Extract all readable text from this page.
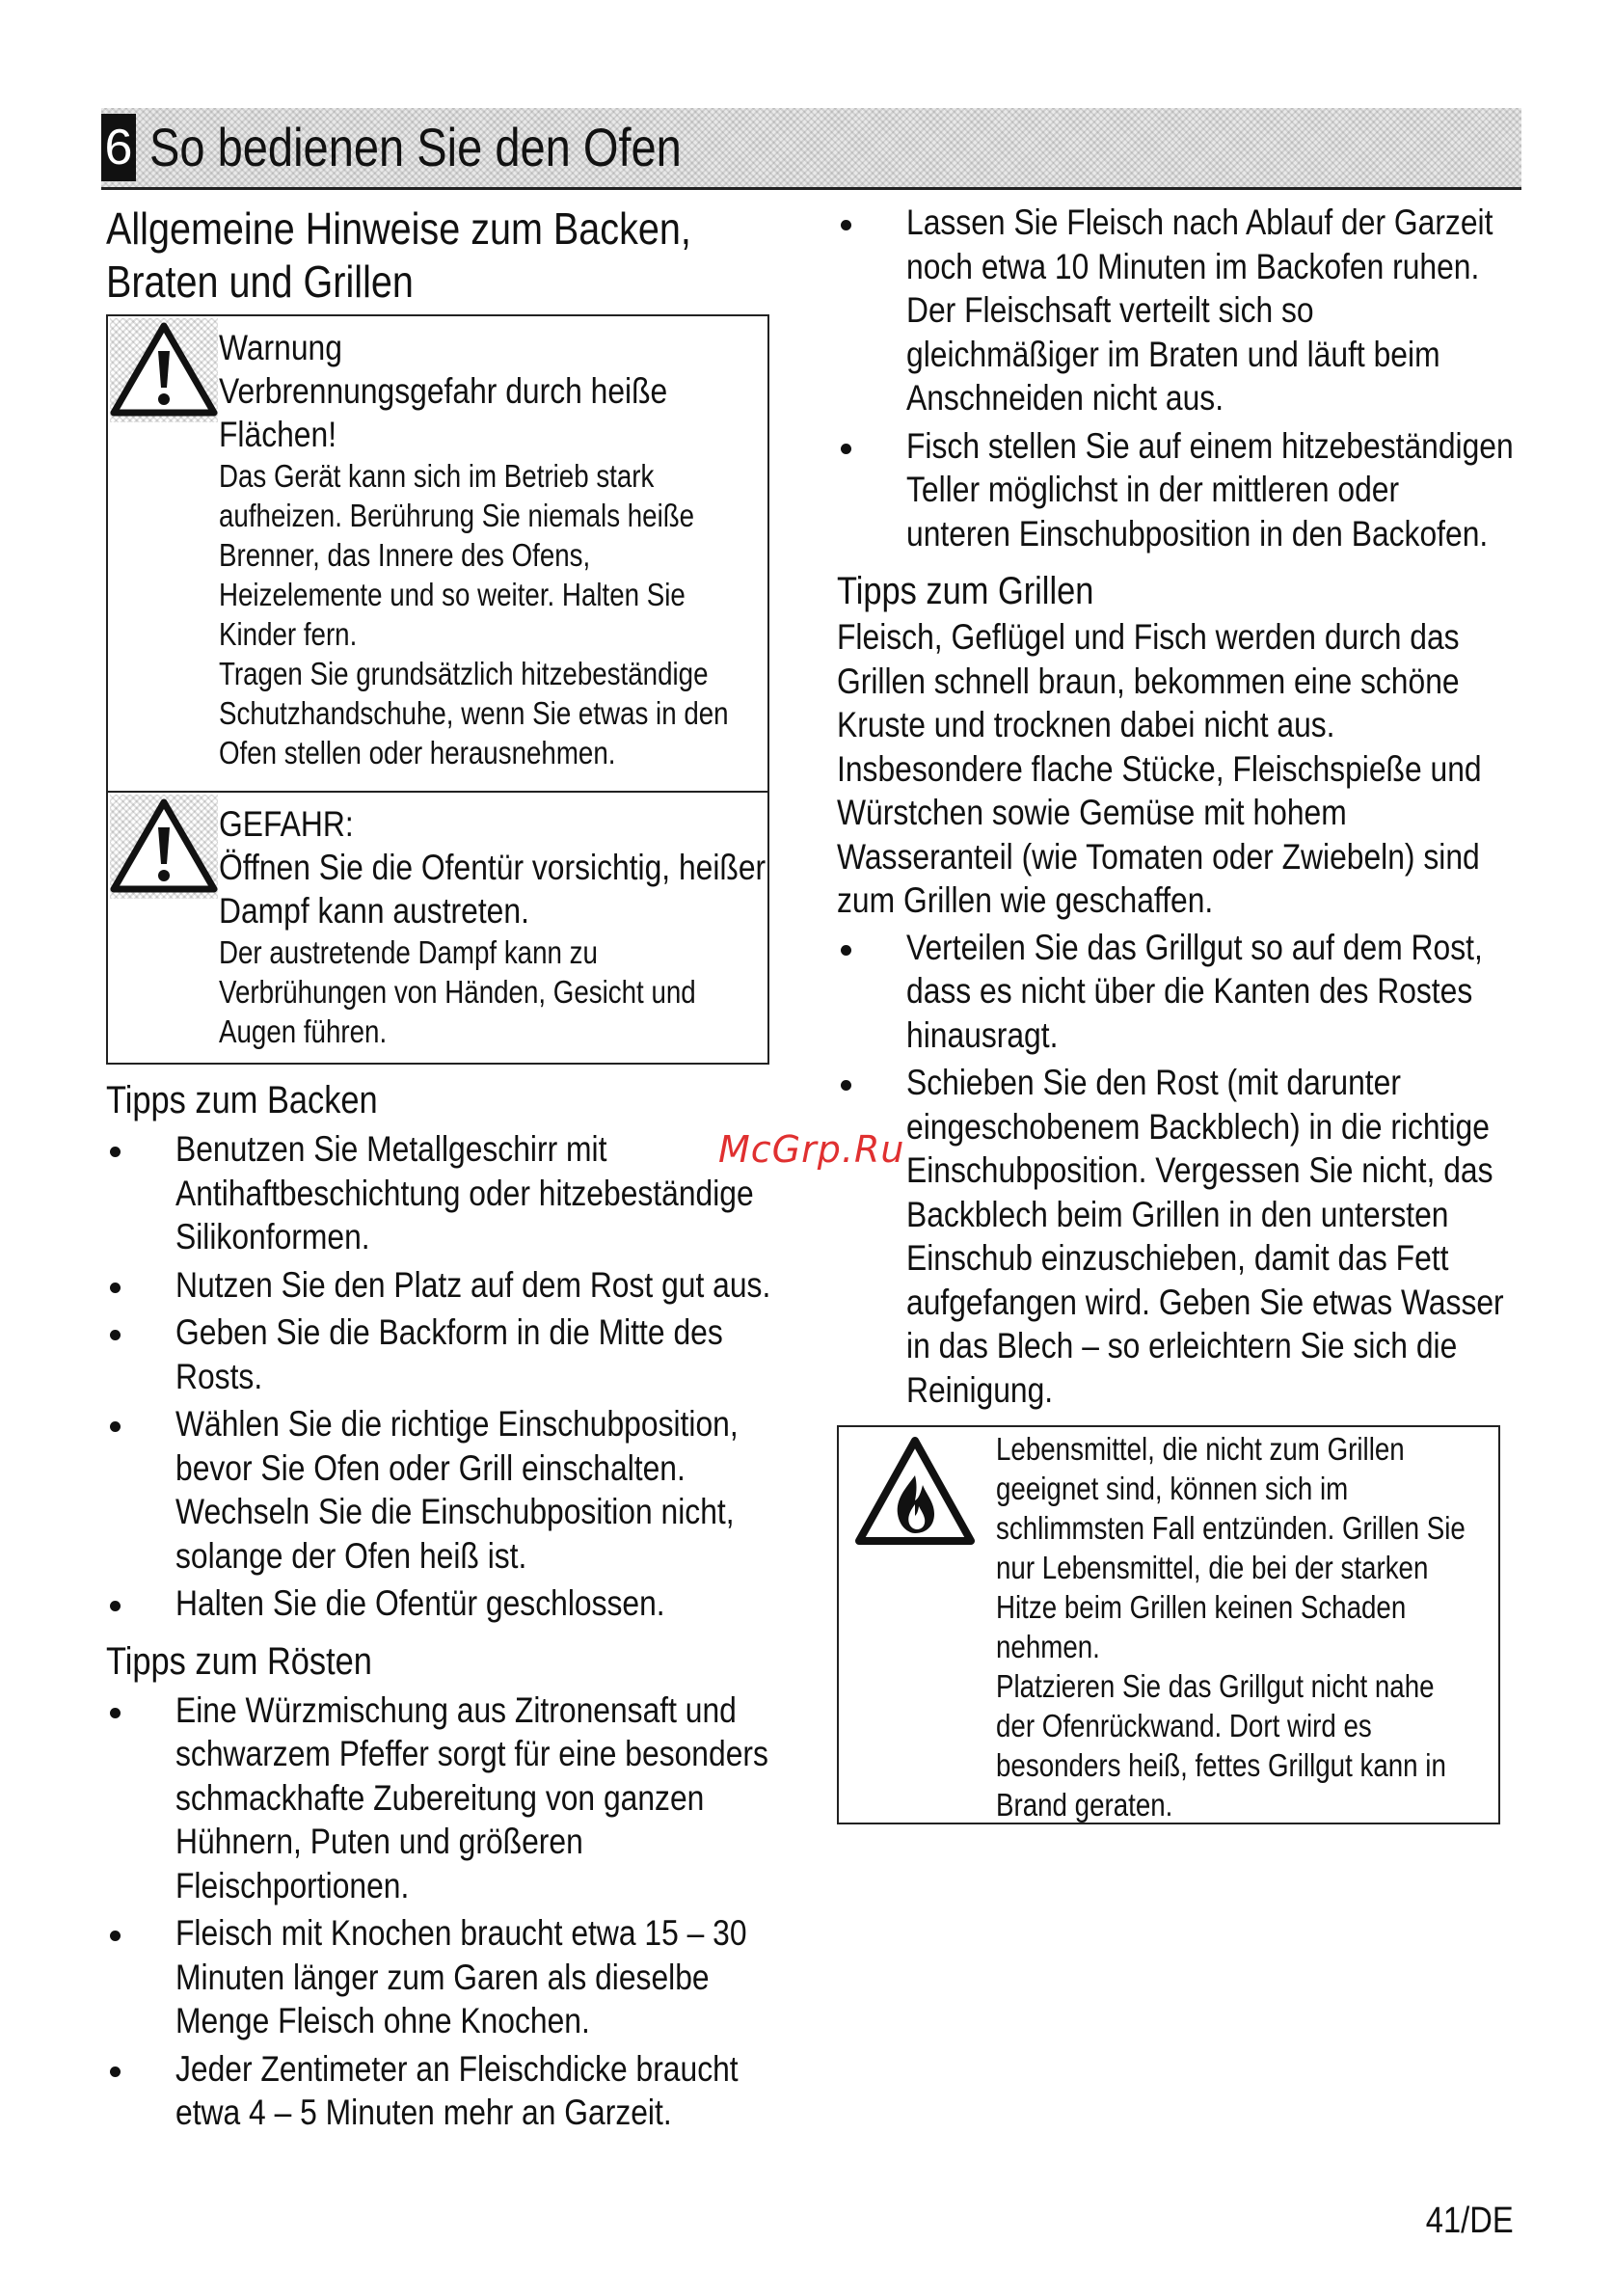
6 So bedienen Sie den Ofen
Allgemeine Hinweise zum Backen,
Braten und Grillen
Warnung
Verbrennungsgefahr durch heiße
Flächen!
Das Gerät kann sich im Betrieb stark
aufheizen. Berührung Sie niemals heiße
Brenner, das Innere des Ofens,
Heizelemente und so weiter. Halten Sie
Kinder fern.
Tragen Sie grundsätzlich hitzebeständige
Schutzhandschuhe, wenn Sie etwas in den
Ofen stellen oder herausnehmen.
GEFAHR:
Öffnen Sie die Ofentür vorsichtig, heißer
Dampf kann austreten.
Der austretende Dampf kann zu
Verbrühungen von Händen, Gesicht und
Augen führen.
Tipps zum Backen
Benutzen Sie Metallgeschirr mit
Antihaftbeschichtung oder hitzebeständige
Silikonformen.
Nutzen Sie den Platz auf dem Rost gut aus.
Geben Sie die Backform in die Mitte des
Rosts.
Wählen Sie die richtige Einschubposition,
bevor Sie Ofen oder Grill einschalten.
Wechseln Sie die Einschubposition nicht,
solange der Ofen heiß ist.
Halten Sie die Ofentür geschlossen.
Tipps zum Rösten
Eine Würzmischung aus Zitronensaft und
schwarzem Pfeffer sorgt für eine besonders
schmackhafte Zubereitung von ganzen
Hühnern, Puten und größeren
Fleischportionen.
Fleisch mit Knochen braucht etwa 15 – 30
Minuten länger zum Garen als dieselbe
Menge Fleisch ohne Knochen.
Jeder Zentimeter an Fleischdicke braucht
etwa 4 – 5 Minuten mehr an Garzeit.
Lassen Sie Fleisch nach Ablauf der Garzeit
noch etwa 10 Minuten im Backofen ruhen.
Der Fleischsaft verteilt sich so
gleichmäßiger im Braten und läuft beim
Anschneiden nicht aus.
Fisch stellen Sie auf einem hitzebeständigen
Teller möglichst in der mittleren oder
unteren Einschubposition in den Backofen.
Tipps zum Grillen
Fleisch, Geflügel und Fisch werden durch das
Grillen schnell braun, bekommen eine schöne
Kruste und trocknen dabei nicht aus.
Insbesondere flache Stücke, Fleischspieße und
Würstchen sowie Gemüse mit hohem
Wasseranteil (wie Tomaten oder Zwiebeln) sind
zum Grillen wie geschaffen.
Verteilen Sie das Grillgut so auf dem Rost,
dass es nicht über die Kanten des Rostes
hinausragt.
Schieben Sie den Rost (mit darunter
eingeschobenem Backblech) in die richtige
Einschubposition. Vergessen Sie nicht, das
Backblech beim Grillen in den untersten
Einschub einzuschieben, damit das Fett
aufgefangen wird. Geben Sie etwas Wasser
in das Blech – so erleichtern Sie sich die
Reinigung.
Lebensmittel, die nicht zum Grillen
geeignet sind, können sich im
schlimmsten Fall entzünden. Grillen Sie
nur Lebensmittel, die bei der starken
Hitze beim Grillen keinen Schaden
nehmen.
Platzieren Sie das Grillgut nicht nahe
der Ofenrückwand. Dort wird es
besonders heiß, fettes Grillgut kann in
Brand geraten.
McGrp.Ru
41/DE
